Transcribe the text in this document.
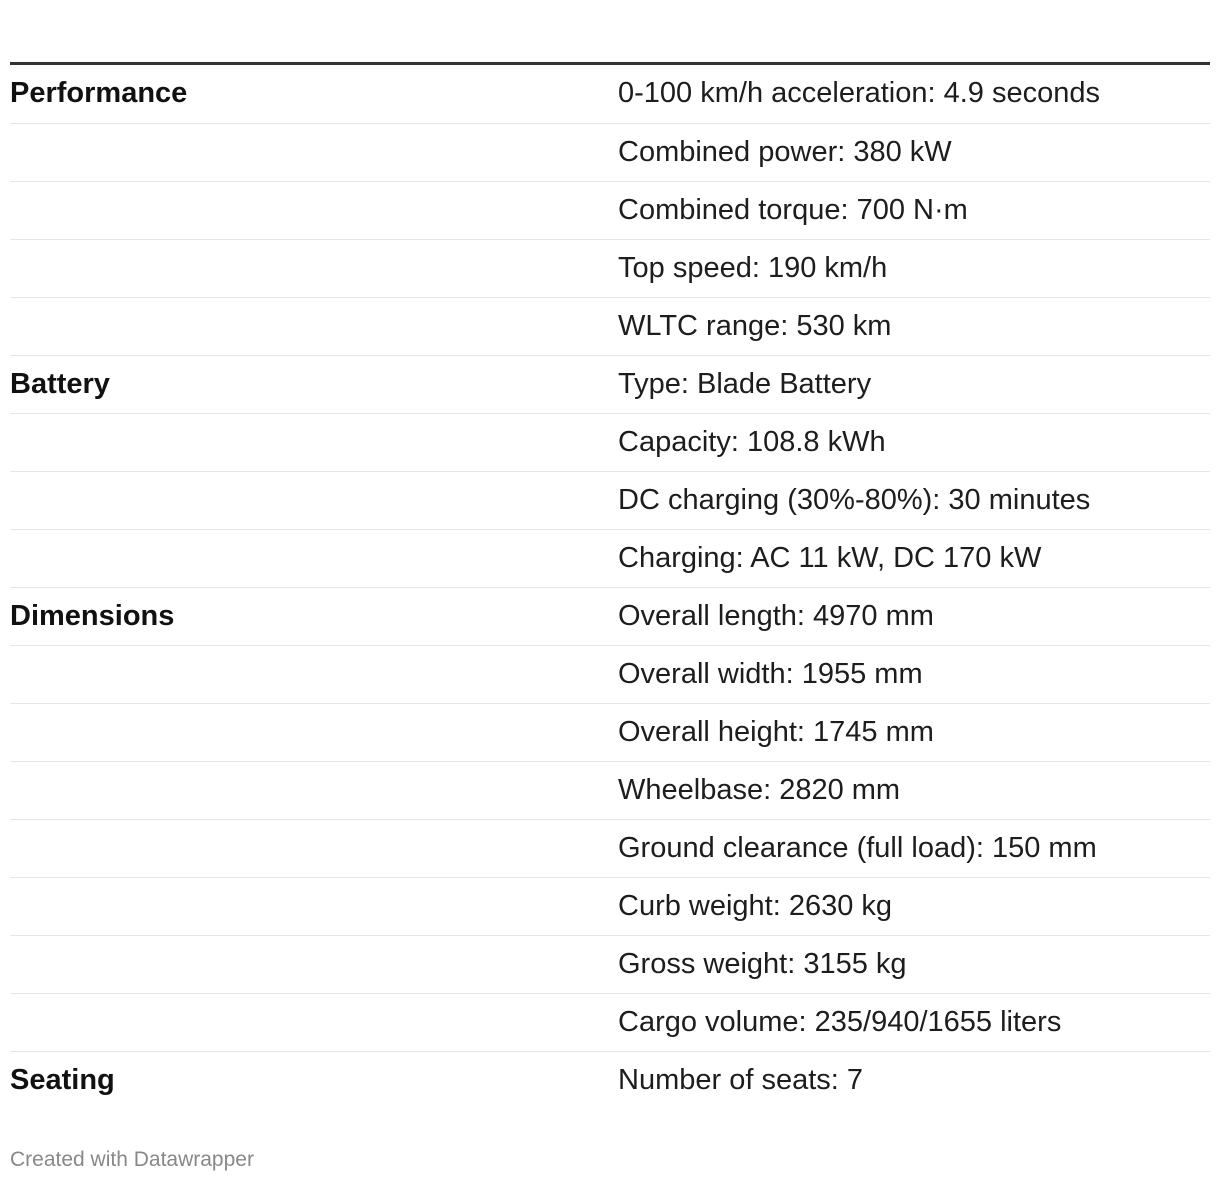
Performance	0-100 km/h acceleration: 4.9 seconds
	Combined power: 380 kW
	Combined torque: 700 N·m
	Top speed: 190 km/h
	WLTC range: 530 km
Battery	Type: Blade Battery
	Capacity: 108.8 kWh
	DC charging (30%-80%): 30 minutes
	Charging: AC 11 kW, DC 170 kW
Dimensions	Overall length: 4970 mm
	Overall width: 1955 mm
	Overall height: 1745 mm
	Wheelbase: 2820 mm
	Ground clearance (full load): 150 mm
	Curb weight: 2630 kg
	Gross weight: 3155 kg
	Cargo volume: 235/940/1655 liters
Seating	Number of seats: 7
Created with Datawrapper
